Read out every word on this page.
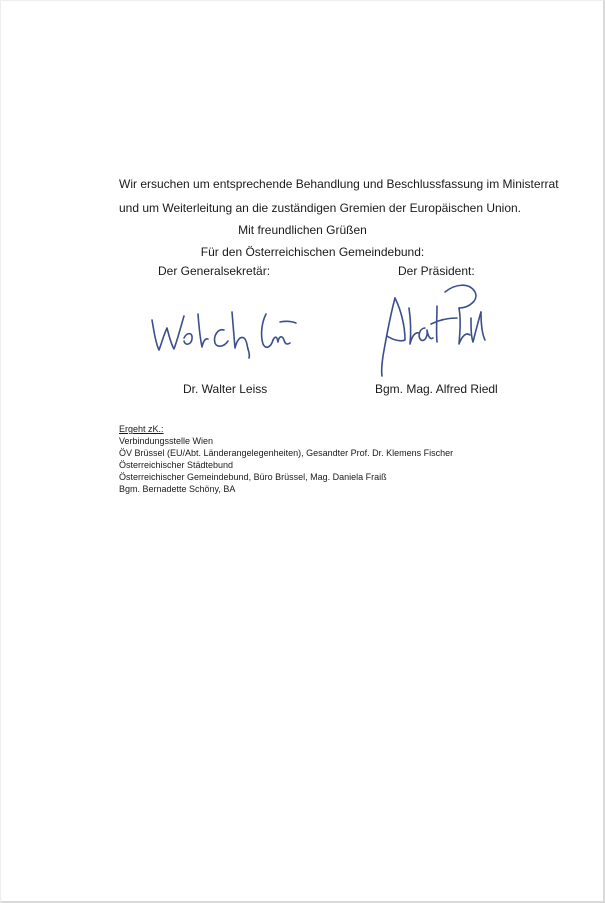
Wir ersuchen um entsprechende Behandlung und Beschlussfassung im Ministerrat
und um Weiterleitung an die zuständigen Gremien der Europäischen Union.
Mit freundlichen Grüßen
Für den Österreichischen Gemeindebund:
Der Generalsekretär:	Der Präsident:
Dr. Walter Leiss	Bgm. Mag. Alfred Riedl
Ergeht zK.:
Verbindungsstelle Wien
ÖV Brüssel (EU/Abt. Länderangelegenheiten), Gesandter Prof. Dr. Klemens Fischer
Österreichischer Städtebund
Österreichischer Gemeindebund, Büro Brüssel, Mag. Daniela Fraiß
Bgm. Bernadette Schöny, BA
